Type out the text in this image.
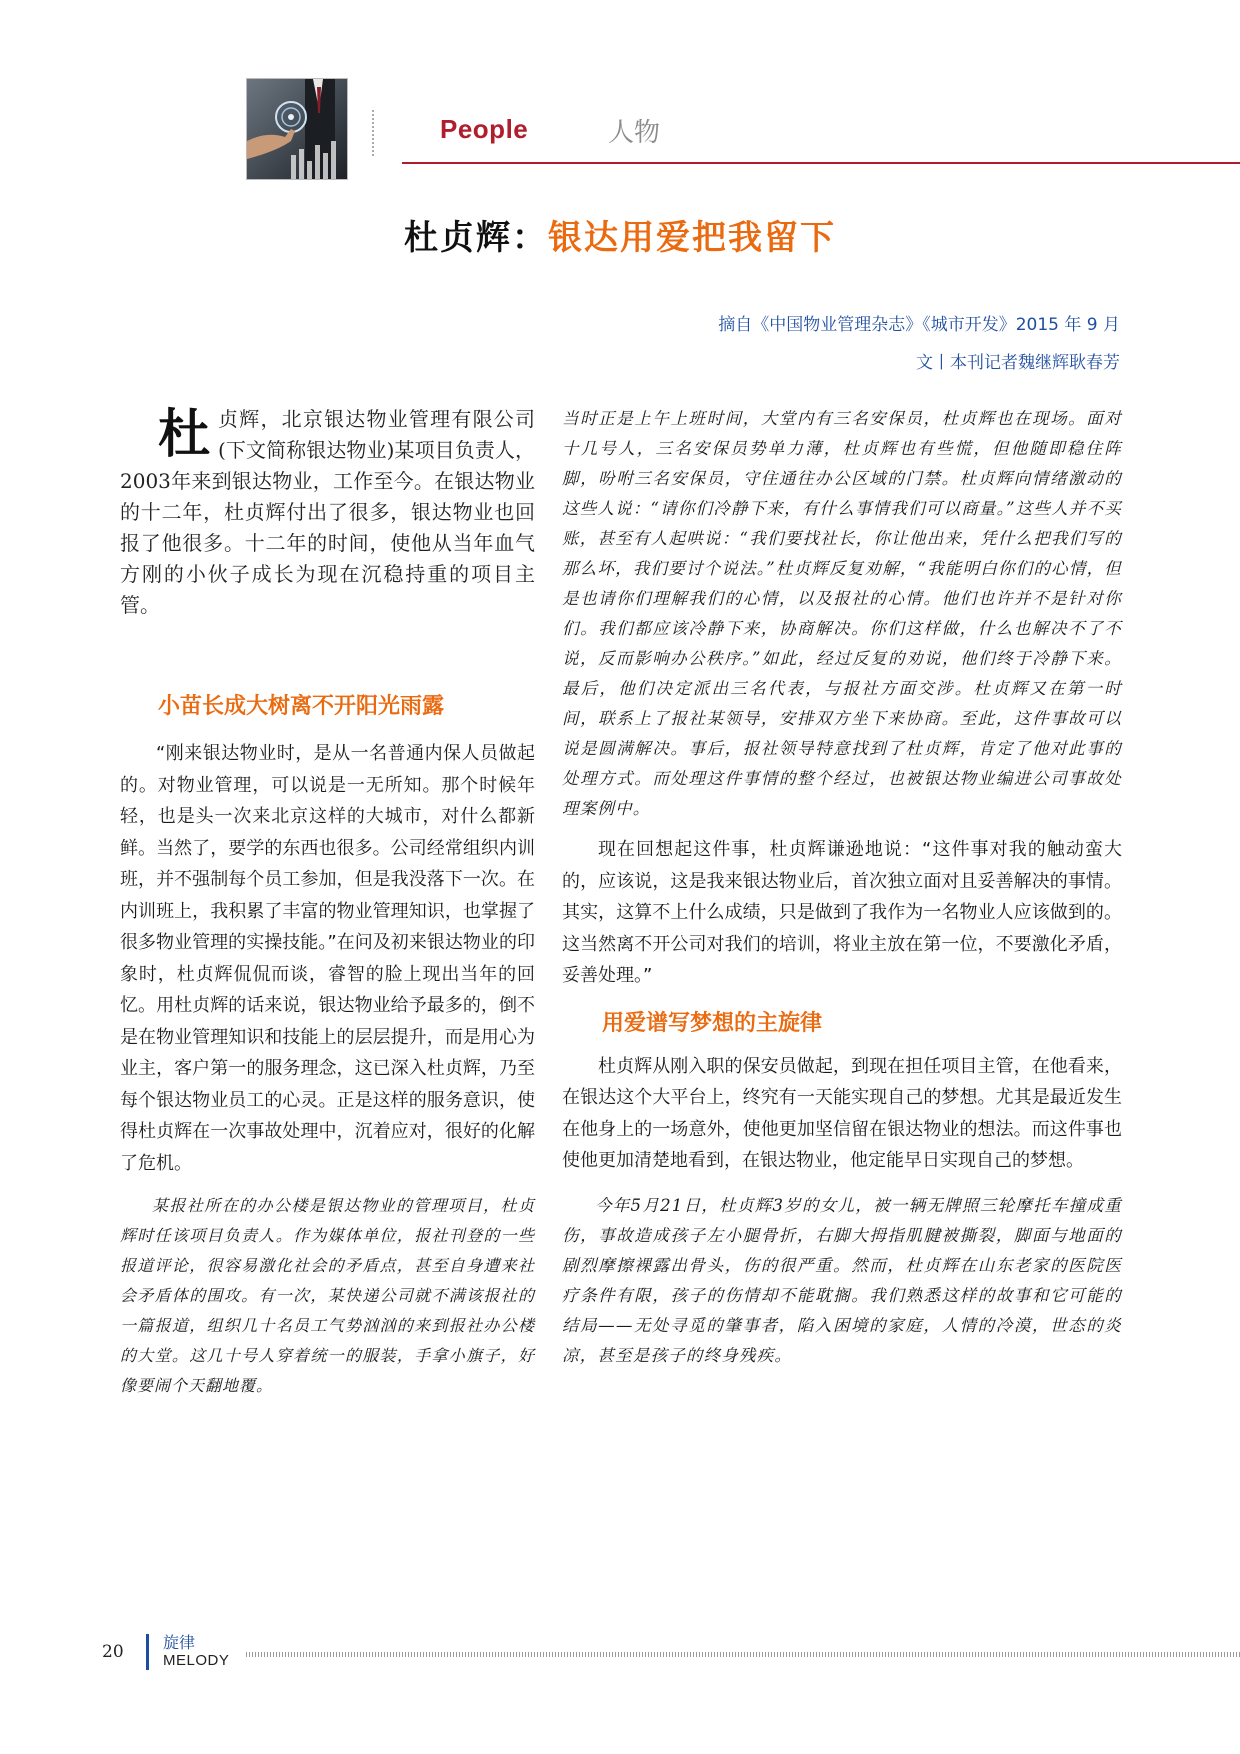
People	人物
杜贞辉：银达用爱把我留下
摘自《中国物业管理杂志》《城市开发》2015 年 9 月
文丨本刊记者魏继辉耿春芳

杜贞辉，北京银达物业管理有限公司(下文简称银达物业)某项目负责人，2003年来到银达物业，工作至今。在银达物业的十二年，杜贞辉付出了很多，银达物业也回报了他很多。十二年的时间，使他从当年血气方刚的小伙子成长为现在沉稳持重的项目主管。

小苗长成大树离不开阳光雨露

“刚来银达物业时，是从一名普通内保人员做起的。对物业管理，可以说是一无所知。那个时候年轻，也是头一次来北京这样的大城市，对什么都新鲜。当然了，要学的东西也很多。公司经常组织内训班，并不强制每个员工参加，但是我没落下一次。在内训班上，我积累了丰富的物业管理知识，也掌握了很多物业管理的实操技能。”在问及初来银达物业的印象时，杜贞辉侃侃而谈，睿智的脸上现出当年的回忆。用杜贞辉的话来说，银达物业给予最多的，倒不是在物业管理知识和技能上的层层提升，而是用心为业主，客户第一的服务理念，这已深入杜贞辉，乃至每个银达物业员工的心灵。正是这样的服务意识，使得杜贞辉在一次事故处理中，沉着应对，很好的化解了危机。

某报社所在的办公楼是银达物业的管理项目，杜贞辉时任该项目负责人。作为媒体单位，报社刊登的一些报道评论，很容易激化社会的矛盾点，甚至自身遭来社会矛盾体的围攻。有一次，某快递公司就不满该报社的一篇报道，组织几十名员工气势汹汹的来到报社办公楼的大堂。这几十号人穿着统一的服装，手拿小旗子，好像要闹个天翻地覆。

当时正是上午上班时间，大堂内有三名安保员，杜贞辉也在现场。面对十几号人，三名安保员势单力薄，杜贞辉也有些慌，但他随即稳住阵脚，吩咐三名安保员，守住通往办公区域的门禁。杜贞辉向情绪激动的这些人说：“请你们冷静下来，有什么事情我们可以商量。”这些人并不买账，甚至有人起哄说：“我们要找社长，你让他出来，凭什么把我们写的那么坏，我们要讨个说法。”杜贞辉反复劝解，“我能明白你们的心情，但是也请你们理解我们的心情，以及报社的心情。他们也许并不是针对你们。我们都应该冷静下来，协商解决。你们这样做，什么也解决不了不说，反而影响办公秩序。”如此，经过反复的劝说，他们终于冷静下来。最后，他们决定派出三名代表，与报社方面交涉。杜贞辉又在第一时间，联系上了报社某领导，安排双方坐下来协商。至此，这件事故可以说是圆满解决。事后，报社领导特意找到了杜贞辉，肯定了他对此事的处理方式。而处理这件事情的整个经过，也被银达物业编进公司事故处理案例中。

现在回想起这件事，杜贞辉谦逊地说：“这件事对我的触动蛮大的，应该说，这是我来银达物业后，首次独立面对且妥善解决的事情。其实，这算不上什么成绩，只是做到了我作为一名物业人应该做到的。这当然离不开公司对我们的培训，将业主放在第一位，不要激化矛盾，妥善处理。”

用爱谱写梦想的主旋律

杜贞辉从刚入职的保安员做起，到现在担任项目主管，在他看来，在银达这个大平台上，终究有一天能实现自己的梦想。尤其是最近发生在他身上的一场意外，使他更加坚信留在银达物业的想法。而这件事也使他更加清楚地看到，在银达物业，他定能早日实现自己的梦想。

今年5月21日，杜贞辉3岁的女儿，被一辆无牌照三轮摩托车撞成重伤，事故造成孩子左小腿骨折，右脚大拇指肌腱被撕裂，脚面与地面的剧烈摩擦裸露出骨头，伤的很严重。然而，杜贞辉在山东老家的医院医疗条件有限，孩子的伤情却不能耽搁。我们熟悉这样的故事和它可能的结局——无处寻觅的肇事者，陷入困境的家庭，人情的冷漠，世态的炎凉，甚至是孩子的终身残疾。

20 旋律
MELODY
